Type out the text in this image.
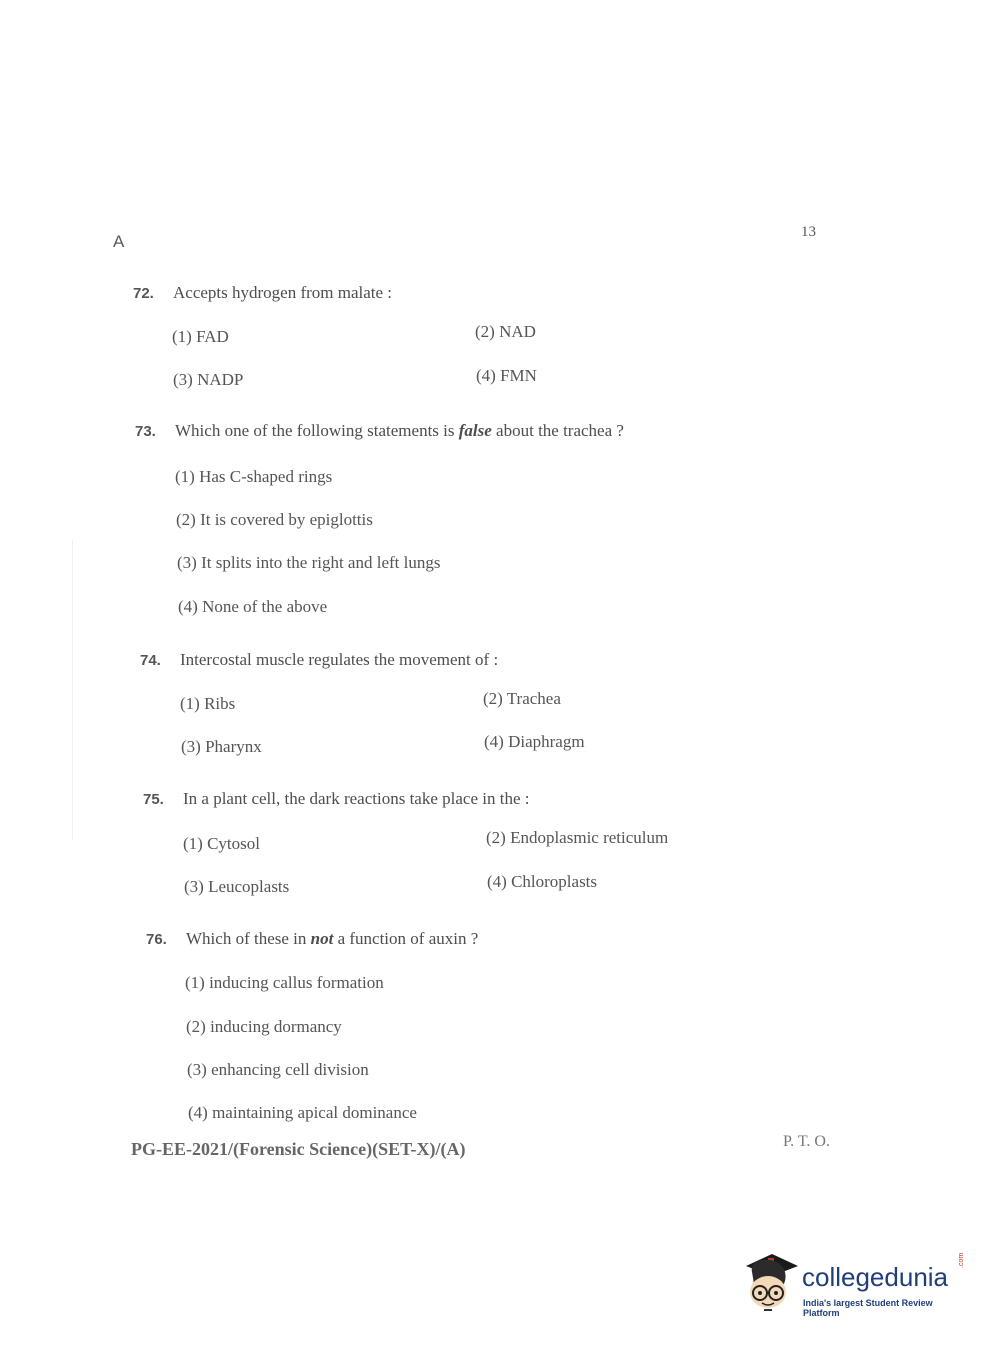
A	13
72. Accepts hydrogen from malate :
(1) FAD	(2) NAD
(3) NADP	(4) FMN
73. Which one of the following statements is false about the trachea ?
(1) Has C-shaped rings
(2) It is covered by epiglottis
(3) It splits into the right and left lungs
(4) None of the above
74. Intercostal muscle regulates the movement of :
(1) Ribs	(2) Trachea
(3) Pharynx	(4) Diaphragm
75. In a plant cell, the dark reactions take place in the :
(1) Cytosol	(2) Endoplasmic reticulum
(3) Leucoplasts	(4) Chloroplasts
76. Which of these in not a function of auxin ?
(1) inducing callus formation
(2) inducing dormancy
(3) enhancing cell division
(4) maintaining apical dominance
PG-EE-2021/(Forensic Science)(SET-X)/(A)	P. T. O.
collegedunia
.com
India's largest Student Review Platform
